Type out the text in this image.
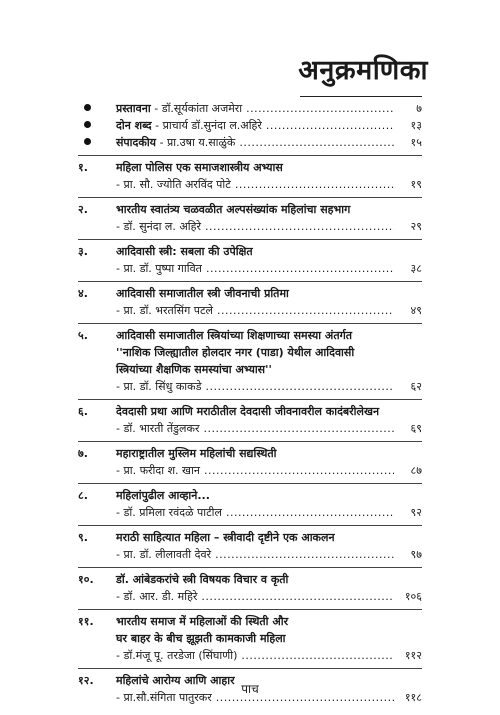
अनुक्रमणिका
प्रस्तावना - डॉ.सूर्यकांता अजमेरा .....	७
दोन शब्द - प्राचार्य डॉ.सुनंदा ल.अहिरे .....	१३
संपादकीय - प्रा.उषा य.साळुंके .....	१५
१.	महिला पोलिस एक समाजशास्त्रीय अभ्यास
- प्रा. सौ. ज्योति अरविंद पोटे .....	१९
२.	भारतीय स्वातंत्र्य चळवळीत अल्पसंख्यांक महिलांचा सहभाग
- डॉ. सुनंदा ल. अहिरे .....	२९
३.	आदिवासी स्त्री: सबला की उपेक्षित
- प्रा. डॉ. पुष्पा गावित .....	३८
४.	आदिवासी समाजातील स्त्री जीवनाची प्रतिमा
- प्रा. डॉ. भरतसिंग पटले .....	४९
५.	आदिवासी समाजातील स्त्रियांच्या शिक्षणाच्या समस्या अंतर्गत
''नाशिक जिल्ह्यातील होलदार नगर (पाडा) येथील आदिवासी
स्त्रियांच्या शैक्षणिक समस्यांचा अभ्यास''
- प्रा. डॉ. सिंधु काकडे .....	६२
६.	देवदासी प्रथा आणि मराठीतील देवदासी जीवनावरील कादंबरीलेखन
- डॉ. भारती तेंडुलकर .....	६९
७.	महाराष्ट्रातील मुस्लिम महिलांची सद्यस्थिती
- प्रा. फरीदा श. खान .....	८७
८.	महिलांपुढील आव्हाने...
- डॉ. प्रमिला रवंदळे पाटील .....	९२
९.	मराठी साहित्यात महिला – स्त्रीवादी दृष्टीने एक आकलन
- प्रा. डॉ. लीलावती देवरे .....	९७
१०.	डॉ. आंबेडकरांचे स्त्री विषयक विचार व कृती
- डॉ. आर. डी. महिरे .....	१०६
११.	भारतीय समाज में महिलाओं की स्थिती और
घर बाहर के बीच झूझती कामकाजी महिला
- डॉ.मंजू पू. तरडेजा (सिंघाणी) .....	११२
१२.	महिलांचे आरोग्य आणि आहार
- प्रा.सौ.संगिता पातुरकर .....	११८
पाच
